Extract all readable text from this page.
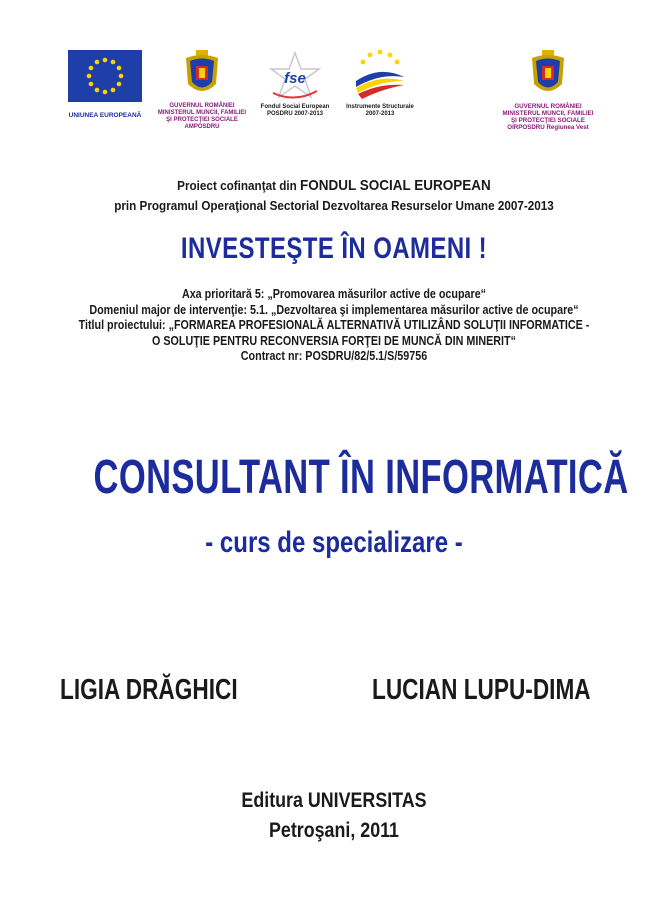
UNIUNEA EUROPEANĂ
GUVERNUL ROMÂNIEI
MINISTERUL MUNCII, FAMILIEI
ŞI PROTECŢIEI SOCIALE
AMPOSDRU
fse
Fondul Social European
POSDRU 2007-2013
Instrumente Structurale
2007-2013
GUVERNUL ROMÂNIEI
MINISTERUL MUNCII, FAMILIEI
ŞI PROTECŢIEI SOCIALE
OIRPOSDRU Regiunea Vest
Proiect cofinanţat din FONDUL SOCIAL EUROPEAN
prin Programul Operaţional Sectorial Dezvoltarea Resurselor Umane 2007-2013
INVESTEŞTE ÎN OAMENI !
Axa prioritară 5: „Promovarea măsurilor active de ocupare“
Domeniul major de intervenţie: 5.1. „Dezvoltarea şi implementarea măsurilor active de ocupare“
Titlul proiectului: „FORMAREA PROFESIONALĂ ALTERNATIVĂ UTILIZÂND SOLUŢII INFORMATICE -
O SOLUŢIE PENTRU RECONVERSIA FORŢEI DE MUNCĂ DIN MINERIT“
Contract nr: POSDRU/82/5.1/S/59756
CONSULTANT ÎN INFORMATICĂ
- curs de specializare -
LIGIA DRĂGHICI	LUCIAN LUPU-DIMA
Editura UNIVERSITAS
Petroşani, 2011
